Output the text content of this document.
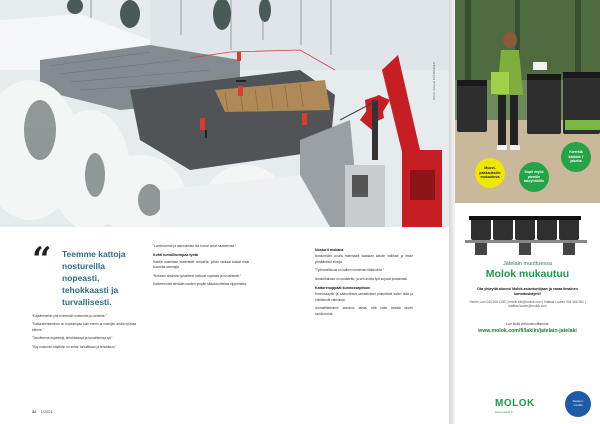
KUVA: KALLE KÄÄRIÄINEN
“	Teemme kattoja nostureilla nopeasti, tehokkaasti ja turvallisesti.

”Käytämmekin yhä enemmän nostureita ja nostimia.”

”Kattorakentaminen on nopeampaa kuin ennen ja nostojen avulla työmaa etenee.”

”Tavoitteena nopeampi, tehokkaampi ja turvallisempi työ”

”Syy nosturien käyttöön on selvä: turvallisuus ja tehokkuus.”

”Lumikuormat ja rakennusten ikä tuovat omat haasteensa.”

Kohti turvallisempaa työtä

Katolle nostetaan materiaalit nosturilla, jolloin raskaat taakat eivät kuormita asentajia.

”Nosturin ansiosta työvaiheet hoituvat nopeasti ja turvallisesti.”

Kattoremontit tehdään vuoden ympäri sääolosuhteista riippumatta.

Nosturit mukana

Nostureiden avulla materiaalit saadaan katolle hallitusti ja ilman ylimääräisiä siirtoja.

”Työturvallisuus on kaiken toiminnan lähtökohta.”

Nosturikalusto on uudistettu, ja sen avulla työt sujuvat joustavasti.

Kattorenoppaat kunnossapitoon

Kunnossapito ja säännölliset tarkastukset pidentävät katon ikää ja ehkäisevät vahinkoja.

Ammattitaitoinen asennus takaa, että katto kestää talven lumikuormat.

32 1/2021
Muovi-pakkauksille mukautuva
Sopii myös pienille taloyhtiöille
Kierrätä kaikkia 7 jakeita
Jätelain muuttuessa
Molok mukautuu
Ota yhteyttä alueesi Molok-asiantuntijaan ja varaa ilmainen kartoituskäynti!
Henrik Luhi 040 900 1180 | henrik.luhi@molok.com | Mattias Lauren 044 466 984 | mattias.lauren@molok.com
Lue lisää verkkosivuiltamme
www.molok.com/fi/lakiin/jatelain-jatelaki
MOLOK
www.molok.fi
Joutsen-merkki
